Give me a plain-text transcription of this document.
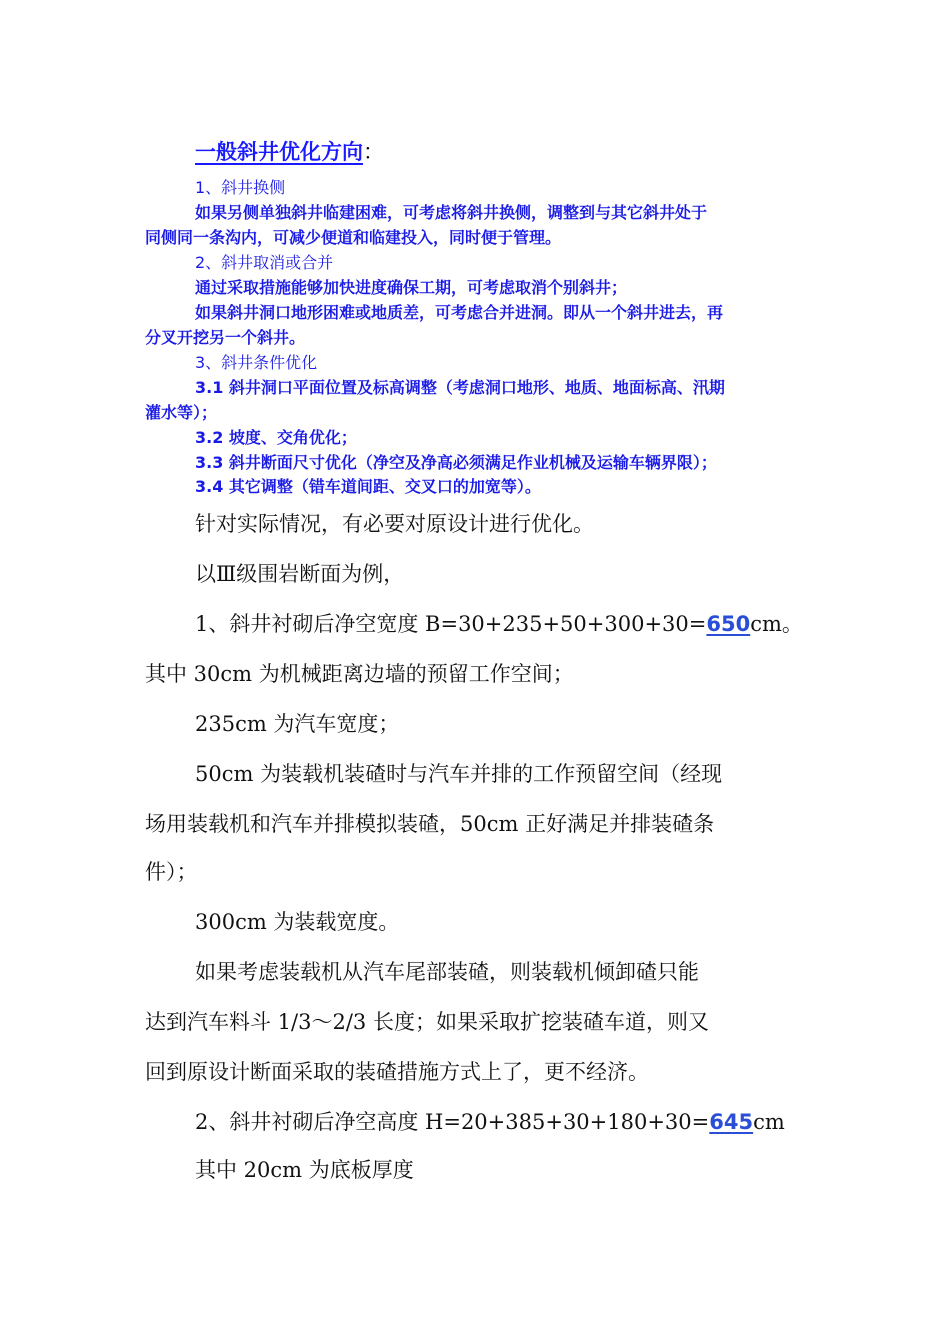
一般斜井优化方向：
1、斜井换侧
如果另侧单独斜井临建困难，可考虑将斜井换侧，调整到与其它斜井处于
同侧同一条沟内，可减少便道和临建投入，同时便于管理。
2、斜井取消或合并
通过采取措施能够加快进度确保工期，可考虑取消个别斜井；
如果斜井洞口地形困难或地质差，可考虑合并进洞。即从一个斜井进去，再
分叉开挖另一个斜井。
3、斜井条件优化
3.1 斜井洞口平面位置及标高调整（考虑洞口地形、地质、地面标高、汛期
灌水等）；
3.2 坡度、交角优化；
3.3 斜井断面尺寸优化（净空及净高必须满足作业机械及运输车辆界限）；
3.4 其它调整（错车道间距、交叉口的加宽等）。
针对实际情况，有必要对原设计进行优化。
以Ⅲ级围岩断面为例，
1、斜井衬砌后净空宽度 B=30+235+50+300+30=650cm。
其中 30cm 为机械距离边墙的预留工作空间；
235cm 为汽车宽度；
50cm 为装载机装碴时与汽车并排的工作预留空间（经现
场用装载机和汽车并排模拟装碴，50cm 正好满足并排装碴条
件）；
300cm 为装载宽度。
如果考虑装载机从汽车尾部装碴，则装载机倾卸碴只能
达到汽车料斗 1/3～2/3 长度；如果采取扩挖装碴车道，则又
回到原设计断面采取的装碴措施方式上了，更不经济。
2、斜井衬砌后净空高度 H=20+385+30+180+30=645cm
其中 20cm 为底板厚度
